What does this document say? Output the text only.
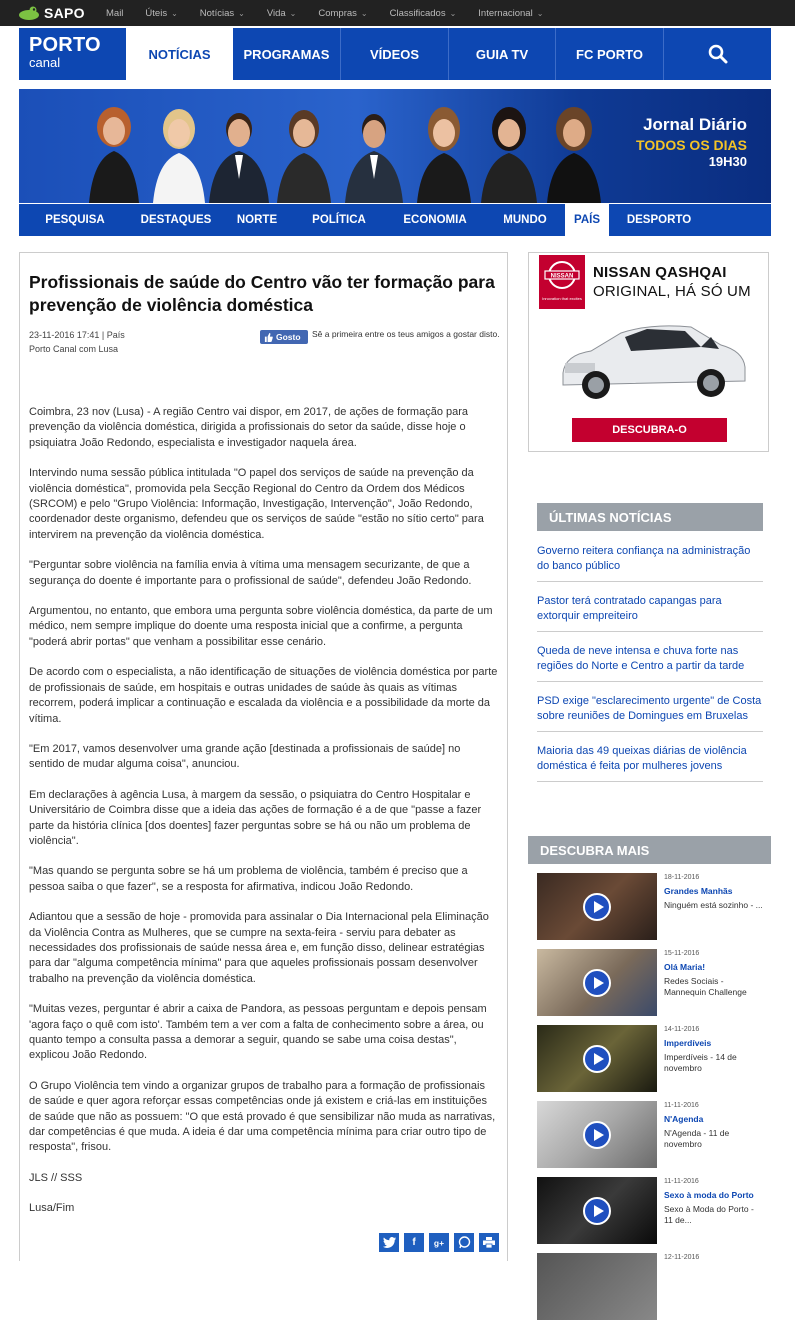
SAPO Mail Úteis ⌄ Notícias ⌄ Vida ⌄ Compras ⌄ Classificados ⌄ Internacional ⌄
PORTO
canal
NOTÍCIAS	PROGRAMAS	VÍDEOS	GUIA TV	FC PORTO
Jornal Diário
TODOS OS DIAS
19H30
PESQUISA	DESTAQUES	NORTE	POLÍTICA	ECONOMIA	MUNDO	PAÍS	DESPORTO
Profissionais de saúde do Centro vão ter formação para prevenção de violência doméstica
23-11-2016 17:41 | País
Porto Canal com Lusa
Gosto Sê a primeira entre os teus amigos a gostar disto.

Coimbra, 23 nov (Lusa) - A região Centro vai dispor, em 2017, de ações de formação para prevenção da violência doméstica, dirigida a profissionais do setor da saúde, disse hoje o psiquiatra João Redondo, especialista e investigador naquela área.

Intervindo numa sessão pública intitulada "O papel dos serviços de saúde na prevenção da violência doméstica", promovida pela Secção Regional do Centro da Ordem dos Médicos (SRCOM) e pelo "Grupo Violência: Informação, Investigação, Intervenção", João Redondo, coordenador deste organismo, defendeu que os serviços de saúde "estão no sítio certo" para intervirem na prevenção da violência doméstica.

"Perguntar sobre violência na família envia à vítima uma mensagem securizante, de que a segurança do doente é importante para o profissional de saúde", defendeu João Redondo.

Argumentou, no entanto, que embora uma pergunta sobre violência doméstica, da parte de um médico, nem sempre implique do doente uma resposta inicial que a confirme, a pergunta "poderá abrir portas" que venham a possibilitar esse cenário.

De acordo com o especialista, a não identificação de situações de violência doméstica por parte de profissionais de saúde, em hospitais e outras unidades de saúde às quais as vítimas recorrem, poderá implicar a continuação e escalada da violência e a possibilidade da morte da vítima.

"Em 2017, vamos desenvolver uma grande ação [destinada a profissionais de saúde] no sentido de mudar alguma coisa", anunciou.

Em declarações à agência Lusa, à margem da sessão, o psiquiatra do Centro Hospitalar e Universitário de Coimbra disse que a ideia das ações de formação é a de que "passe a fazer parte da história clínica [dos doentes] fazer perguntas sobre se há ou não um problema de violência".

"Mas quando se pergunta sobre se há um problema de violência, também é preciso que a pessoa saiba o que fazer", se a resposta for afirmativa, indicou João Redondo.

Adiantou que a sessão de hoje - promovida para assinalar o Dia Internacional pela Eliminação da Violência Contra as Mulheres, que se cumpre na sexta-feira - serviu para debater as necessidades dos profissionais de saúde nessa área e, em função disso, delinear estratégias para dar "alguma competência mínima" para que aqueles profissionais possam desenvolver trabalho na prevenção da violência doméstica.

"Muitas vezes, perguntar é abrir a caixa de Pandora, as pessoas perguntam e depois pensam 'agora faço o quê com isto'. Também tem a ver com a falta de conhecimento sobre a área, ou quanto tempo a consulta passa a demorar a seguir, quando se sabe uma coisa destas", explicou João Redondo.

O Grupo Violência tem vindo a organizar grupos de trabalho para a formação de profissionais de saúde e quer agora reforçar essas competências onde já existem e criá-las em instituições de saúde que não as possuem: "O que está provado é que sensibilizar não muda as narrativas, dar competências é que muda. A ideia é dar uma competência mínima para criar outro tipo de resposta", frisou.

JLS // SSS

Lusa/Fim

f g+
NISSAN
Innovation that excites
NISSAN QASHQAI
ORIGINAL, HÁ SÓ UM
DESCUBRA-O
ÚLTIMAS NOTÍCIAS
Governo reitera confiança na administração do banco público
Pastor terá contratado capangas para extorquir empreiteiro
Queda de neve intensa e chuva forte nas regiões do Norte e Centro a partir da tarde
PSD exige "esclarecimento urgente" de Costa sobre reuniões de Domingues em Bruxelas
Maioria das 49 queixas diárias de violência doméstica é feita por mulheres jovens
DESCUBRA MAIS
18-11-2016
Grandes Manhãs
Ninguém está sozinho - ...
15-11-2016
Olá Maria!
Redes Sociais - Mannequin Challenge
14-11-2016
Imperdíveis
Imperdíveis - 14 de novembro
11-11-2016
N'Agenda
N'Agenda - 11 de novembro
11-11-2016
Sexo à moda do Porto
Sexo à Moda do Porto - 11 de...
12-11-2016
